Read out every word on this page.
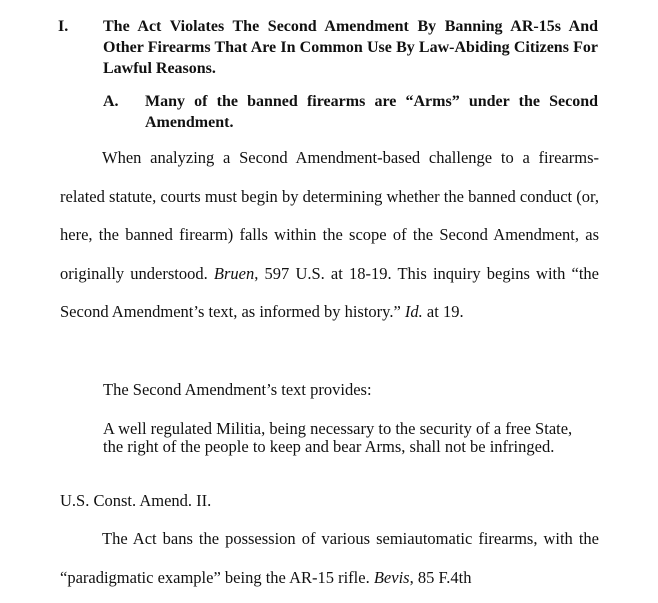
I. The Act Violates The Second Amendment By Banning AR-15s And Other Firearms That Are In Common Use By Law-Abiding Citizens For Lawful Reasons.
A. Many of the banned firearms are “Arms” under the Second Amendment.

When analyzing a Second Amendment-based challenge to a firearms-related statute, courts must begin by determining whether the banned conduct (or, here, the banned firearm) falls within the scope of the Second Amendment, as originally understood. Bruen, 597 U.S. at 18-19. This inquiry begins with “the Second Amendment’s text, as informed by history.” Id. at 19.

The Second Amendment’s text provides:

A well regulated Militia, being necessary to the security of a free State, the right of the people to keep and bear Arms, shall not be infringed.

U.S. Const. Amend. II.

The Act bans the possession of various semiautomatic firearms, with the “paradigmatic example” being the AR-15 rifle. Bevis, 85 F.4th
